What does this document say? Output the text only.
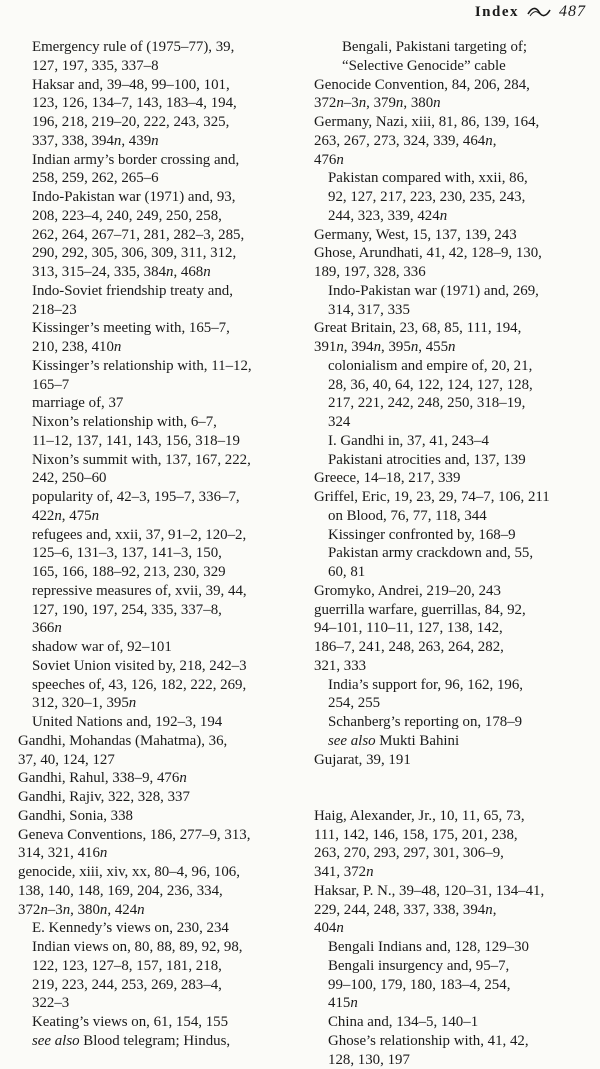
Index	487
Emergency rule of (1975–77), 39,
127, 197, 335, 337–8
Haksar and, 39–48, 99–100, 101,
123, 126, 134–7, 143, 183–4, 194,
196, 218, 219–20, 222, 243, 325,
337, 338, 394n, 439n
Indian army’s border crossing and,
258, 259, 262, 265–6
Indo-Pakistan war (1971) and, 93,
208, 223–4, 240, 249, 250, 258,
262, 264, 267–71, 281, 282–3, 285,
290, 292, 305, 306, 309, 311, 312,
313, 315–24, 335, 384n, 468n
Indo-Soviet friendship treaty and,
218–23
Kissinger’s meeting with, 165–7,
210, 238, 410n
Kissinger’s relationship with, 11–12,
165–7
marriage of, 37
Nixon’s relationship with, 6–7,
11–12, 137, 141, 143, 156, 318–19
Nixon’s summit with, 137, 167, 222,
242, 250–60
popularity of, 42–3, 195–7, 336–7,
422n, 475n
refugees and, xxii, 37, 91–2, 120–2,
125–6, 131–3, 137, 141–3, 150,
165, 166, 188–92, 213, 230, 329
repressive measures of, xvii, 39, 44,
127, 190, 197, 254, 335, 337–8,
366n
shadow war of, 92–101
Soviet Union visited by, 218, 242–3
speeches of, 43, 126, 182, 222, 269,
312, 320–1, 395n
United Nations and, 192–3, 194
Gandhi, Mohandas (Mahatma), 36,
37, 40, 124, 127
Gandhi, Rahul, 338–9, 476n
Gandhi, Rajiv, 322, 328, 337
Gandhi, Sonia, 338
Geneva Conventions, 186, 277–9, 313,
314, 321, 416n
genocide, xiii, xiv, xx, 80–4, 96, 106,
138, 140, 148, 169, 204, 236, 334,
372n–3n, 380n, 424n
E. Kennedy’s views on, 230, 234
Indian views on, 80, 88, 89, 92, 98,
122, 123, 127–8, 157, 181, 218,
219, 223, 244, 253, 269, 283–4,
322–3
Keating’s views on, 61, 154, 155
see also Blood telegram; Hindus,
Bengali, Pakistani targeting of;
“Selective Genocide” cable
Genocide Convention, 84, 206, 284,
372n–3n, 379n, 380n
Germany, Nazi, xiii, 81, 86, 139, 164,
263, 267, 273, 324, 339, 464n,
476n
Pakistan compared with, xxii, 86,
92, 127, 217, 223, 230, 235, 243,
244, 323, 339, 424n
Germany, West, 15, 137, 139, 243
Ghose, Arundhati, 41, 42, 128–9, 130,
189, 197, 328, 336
Indo-Pakistan war (1971) and, 269,
314, 317, 335
Great Britain, 23, 68, 85, 111, 194,
391n, 394n, 395n, 455n
colonialism and empire of, 20, 21,
28, 36, 40, 64, 122, 124, 127, 128,
217, 221, 242, 248, 250, 318–19,
324
I. Gandhi in, 37, 41, 243–4
Pakistani atrocities and, 137, 139
Greece, 14–18, 217, 339
Griffel, Eric, 19, 23, 29, 74–7, 106, 211
on Blood, 76, 77, 118, 344
Kissinger confronted by, 168–9
Pakistan army crackdown and, 55,
60, 81
Gromyko, Andrei, 219–20, 243
guerrilla warfare, guerrillas, 84, 92,
94–101, 110–11, 127, 138, 142,
186–7, 241, 248, 263, 264, 282,
321, 333
India’s support for, 96, 162, 196,
254, 255
Schanberg’s reporting on, 178–9
see also Mukti Bahini
Gujarat, 39, 191
Haig, Alexander, Jr., 10, 11, 65, 73,
111, 142, 146, 158, 175, 201, 238,
263, 270, 293, 297, 301, 306–9,
341, 372n
Haksar, P. N., 39–48, 120–31, 134–41,
229, 244, 248, 337, 338, 394n,
404n
Bengali Indians and, 128, 129–30
Bengali insurgency and, 95–7,
99–100, 179, 180, 183–4, 254,
415n
China and, 134–5, 140–1
Ghose’s relationship with, 41, 42,
128, 130, 197
